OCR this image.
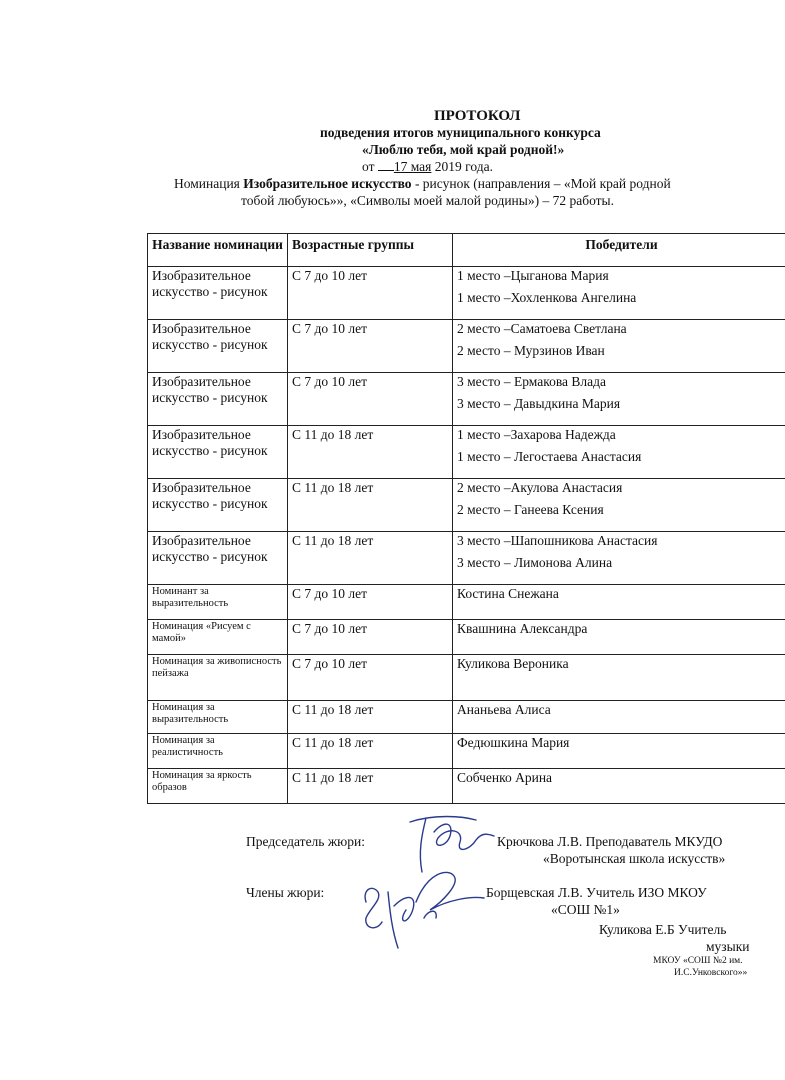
ПРОТОКОЛ
подведения итогов муниципального конкурса
«Люблю тебя, мой край родной!»
от 17 мая 2019 года.
Номинация Изобразительное искусство - рисунок (направления – «Мой край родной
тобой любуюсь»», «Символы моей малой родины») – 72 работы.
Название номинации	Возрастные группы	Победители
Изобразительное искусство - рисунок	С 7 до 10 лет	1 место –Цыганова Мария
1 место –Хохленкова Ангелина

Изобразительное искусство - рисунок	С 7 до 10 лет	2 место –Саматоева Светлана
2 место – Мурзинов Иван

Изобразительное искусство - рисунок	С 7 до 10 лет	3 место – Ермакова Влада
3 место – Давыдкина Мария

Изобразительное искусство - рисунок	С 11 до 18 лет	1 место –Захарова Надежда
1 место – Легостаева Анастасия

Изобразительное искусство - рисунок	С 11 до 18 лет	2 место –Акулова Анастасия
2 место – Ганеева Ксения

Изобразительное искусство - рисунок	С 11 до 18 лет	3 место –Шапошникова Анастасия
3 место – Лимонова Алина

Номинант за выразительность	С 7 до 10 лет	Костина Снежана

Номинация «Рисуем с мамой»	С 7 до 10 лет	Квашнина Александра

Номинация за живописность пейзажа	С 7 до 10 лет	Куликова Вероника

Номинация за выразительность	С 11 до 18 лет	Ананьева Алиса

Номинация за реалистичность	С 11 до 18 лет	Федюшкина Мария

Номинация за яркость образов	С 11 до 18 лет	Собченко Арина
Председатель жюри:	Крючкова Л.В. Преподаватель МКУДО
«Воротынская школа искусств»
Члены жюри:	Борщевская Л.В. Учитель ИЗО МКОУ
«СОШ №1»
Куликова Е.Б Учитель
музыки
МКОУ «СОШ №2 им.
И.С.Унковского»»
